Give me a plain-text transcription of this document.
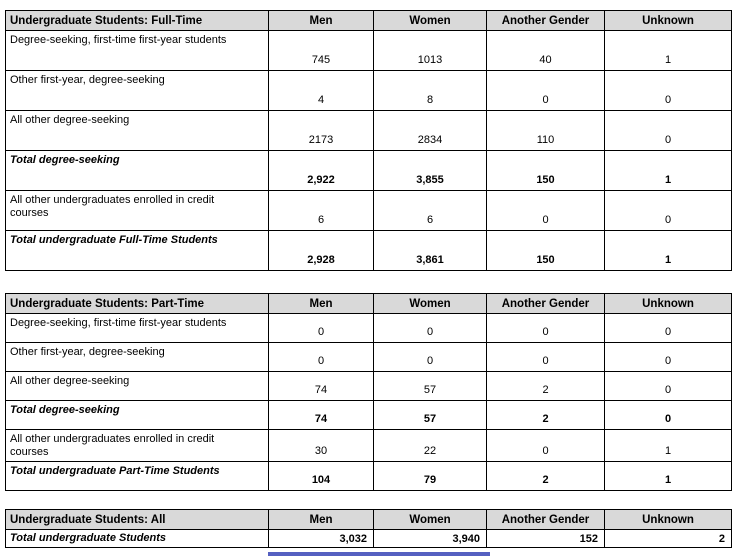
Undergraduate Students: Full-Time	Men	Women	Another Gender	Unknown
Degree-seeking, first-time first-year students	745	1013	40	1
Other first-year, degree-seeking	4	8	0	0
All other degree-seeking	2173	2834	110	0
Total degree-seeking	2,922	3,855	150	1
All other undergraduates enrolled in credit courses	6	6	0	0
Total undergraduate Full-Time Students	2,928	3,861	150	1
Undergraduate Students: Part-Time	Men	Women	Another Gender	Unknown
Degree-seeking, first-time first-year students	0	0	0	0
Other first-year, degree-seeking	0	0	0	0
All other degree-seeking	74	57	2	0
Total degree-seeking	74	57	2	0
All other undergraduates enrolled in credit courses	30	22	0	1
Total undergraduate Part-Time Students	104	79	2	1
Undergraduate Students: All	Men	Women	Another Gender	Unknown
Total undergraduate Students	3,032	3,940	152	2
